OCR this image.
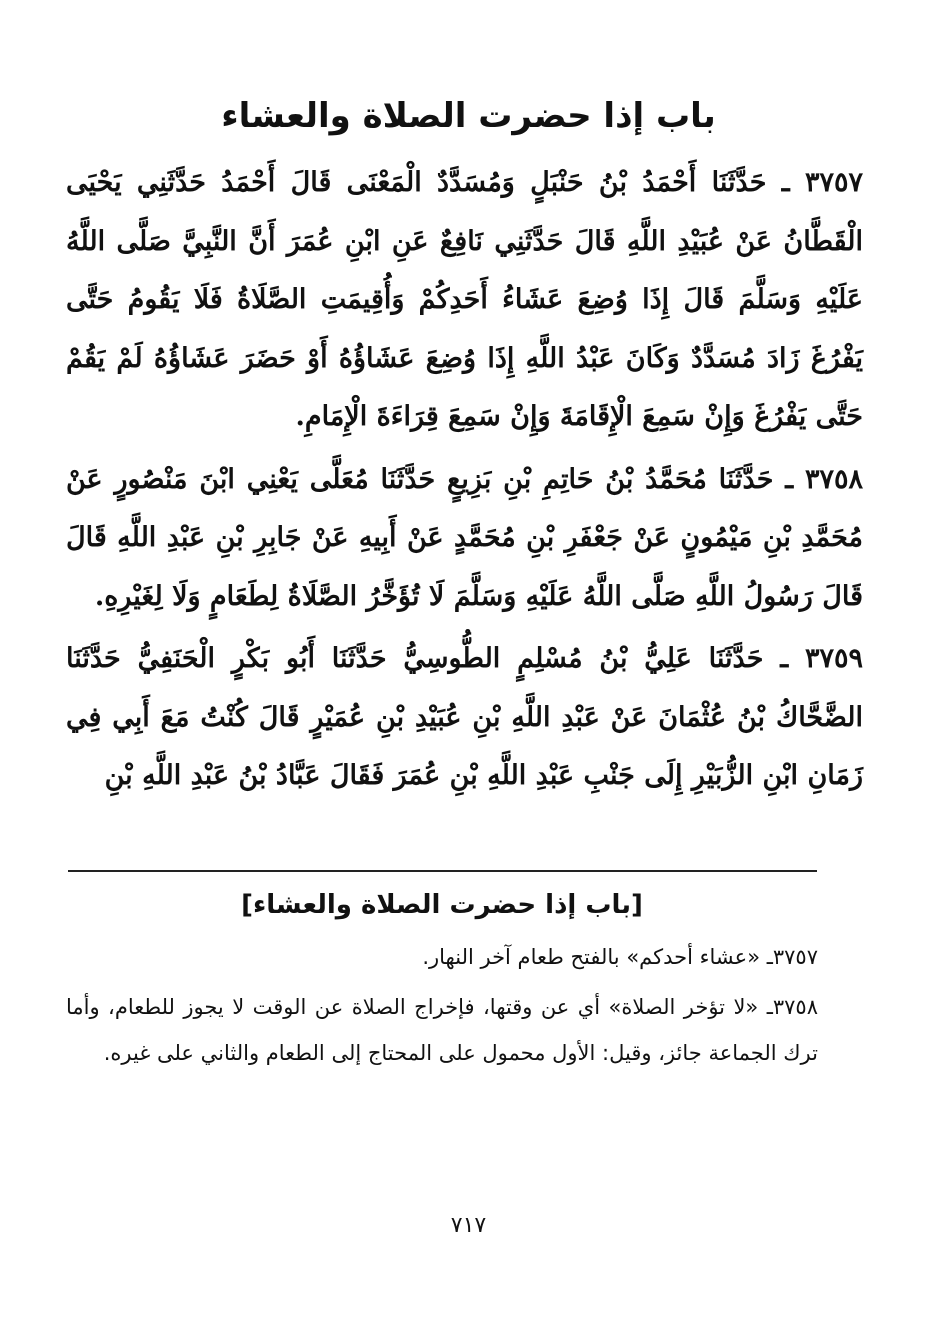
باب إذا حضرت الصلاة والعشاء

٣٧٥٧ ـ حَدَّثَنَا أَحْمَدُ بْنُ حَنْبَلٍ وَمُسَدَّدٌ الْمَعْنَى قَالَ أَحْمَدُ حَدَّثَنِي يَحْيَى الْقَطَّانُ عَنْ عُبَيْدِ اللَّهِ قَالَ حَدَّثَنِي نَافِعٌ عَنِ ابْنِ عُمَرَ أَنَّ النَّبِيَّ صَلَّى اللَّهُ عَلَيْهِ وَسَلَّمَ قَالَ إِذَا وُضِعَ عَشَاءُ أَحَدِكُمْ وَأُقِيمَتِ الصَّلَاةُ فَلَا يَقُومُ حَتَّى يَفْرُغَ زَادَ مُسَدَّدٌ وَكَانَ عَبْدُ اللَّهِ إِذَا وُضِعَ عَشَاؤُهُ أَوْ حَضَرَ عَشَاؤُهُ لَمْ يَقُمْ حَتَّى يَفْرُغَ وَإِنْ سَمِعَ الْإِقَامَةَ وَإِنْ سَمِعَ قِرَاءَةَ الْإِمَامِ.

٣٧٥٨ ـ حَدَّثَنَا مُحَمَّدُ بْنُ حَاتِمِ بْنِ بَزِيعٍ حَدَّثَنَا مُعَلَّى يَعْنِي ابْنَ مَنْصُورٍ عَنْ مُحَمَّدِ بْنِ مَيْمُونٍ عَنْ جَعْفَرِ بْنِ مُحَمَّدٍ عَنْ أَبِيهِ عَنْ جَابِرِ بْنِ عَبْدِ اللَّهِ قَالَ قَالَ رَسُولُ اللَّهِ صَلَّى اللَّهُ عَلَيْهِ وَسَلَّمَ لَا تُؤَخَّرُ الصَّلَاةُ لِطَعَامٍ وَلَا لِغَيْرِهِ.

٣٧٥٩ ـ حَدَّثَنَا عَلِيُّ بْنُ مُسْلِمٍ الطُّوسِيُّ حَدَّثَنَا أَبُو بَكْرٍ الْحَنَفِيُّ حَدَّثَنَا الضَّحَّاكُ بْنُ عُثْمَانَ عَنْ عَبْدِ اللَّهِ بْنِ عُبَيْدِ بْنِ عُمَيْرٍ قَالَ كُنْتُ مَعَ أَبِي فِي زَمَانِ ابْنِ الزُّبَيْرِ إِلَى جَنْبِ عَبْدِ اللَّهِ بْنِ عُمَرَ فَقَالَ عَبَّادُ بْنُ عَبْدِ اللَّهِ بْنِ

[باب إذا حضرت الصلاة والعشاء]

٣٧٥٧ـ «عشاء أحدكم» بالفتح طعام آخر النهار.

٣٧٥٨ـ «لا تؤخر الصلاة» أي عن وقتها، فإخراج الصلاة عن الوقت لا يجوز للطعام، وأما ترك الجماعة جائز، وقيل: الأول محمول على المحتاج إلى الطعام والثاني على غيره.

٧١٧
